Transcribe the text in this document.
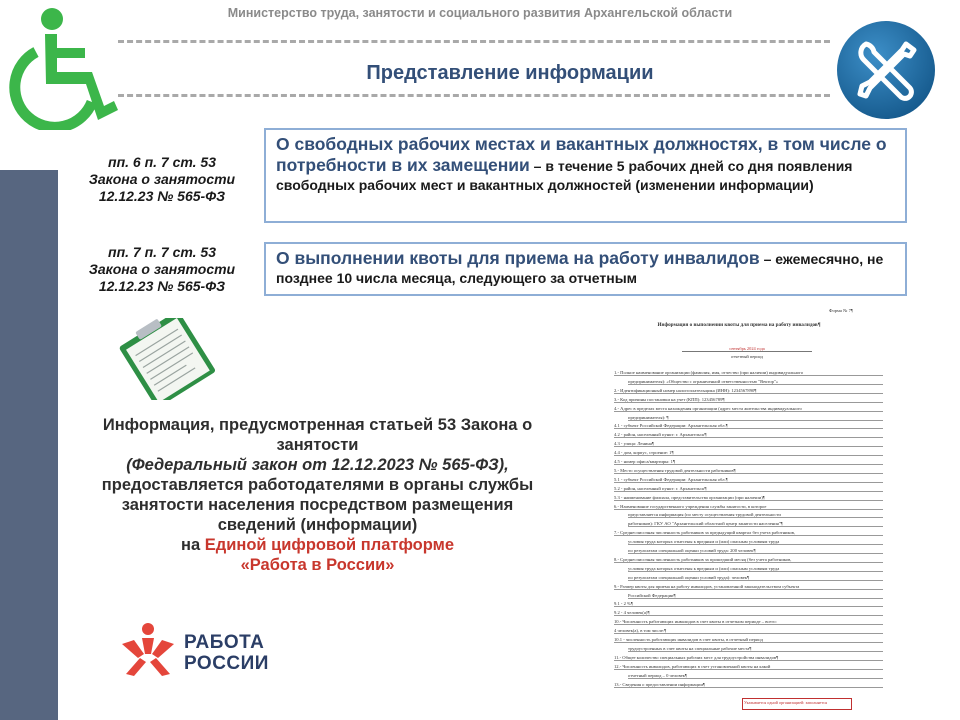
Министерство труда, занятости и социального развития Архангельской области
Представление информации
пп. 6 п. 7 ст. 53
Закона о занятости
12.12.23 № 565-ФЗ
О свободных рабочих местах и вакантных должностях, в том числе о потребности в их замещении – в течение 5 рабочих дней со дня появления свободных рабочих мест и вакантных должностей (изменении информации)
пп. 7 п. 7 ст. 53
Закона о занятости
12.12.23 № 565-ФЗ
О выполнении квоты для приема на работу инвалидов – ежемесячно, не позднее 10 числа месяца, следующего за отчетным
Информация, предусмотренная статьей 53 Закона о занятости
(Федеральный закон от 12.12.2023 № 565-ФЗ), предоставляется работодателями в органы службы занятости населения посредством размещения сведений (информации)
на Единой цифровой платформе
«Работа в России»
РАБОТА
РОССИИ
Форма № 7¶
Информация о выполнении квоты для приема на работу инвалидов¶
сентябрь 2024 года
отчетный период
1.- Полное наименование организации (фамилия, имя, отчество (при наличии) индивидуального
предпринимателя): «Общество с ограниченной ответственностью "Вектор"»
2.- Идентификационный номер налогоплательщика (ИНН): 1234567890¶
3.- Код причины постановки на учет (КПП): 123456789¶
4.- Адрес в пределах места нахождения организации (адрес места жительства индивидуального
предпринимателя): ¶
4.1 - субъект Российской Федерации: Архангельская обл.¶
4.2 - район, населенный пункт: г. Архангельск¶
4.3 - улица: Ленина¶
4.4 - дом, корпус, строение: 1¶
4.5 - номер офиса/квартиры: 1¶
5.- Место осуществления трудовой деятельности работников¶
5.1 - субъект Российской Федерации: Архангельская обл.¶
5.2 - район, населенный пункт: г. Архангельск¶
5.3 - наименование филиала, представительства организации (при наличии)¶
6.- Наименование государственного учреждения службы занятости, в которое
представляется информация (по месту осуществления трудовой деятельности
работников): ГКУ АО "Архангельский областной центр занятости населения"¶
7.- Среднесписочная численность работников за предыдущий квартал без учета работников,
условия труда которых отнесены к вредным и (или) опасным условиям труда
по результатам специальной оценки условий труда: 200 человек¶
8.- Среднесписочная численность работников за прошедший месяц (без учета работников,
условия труда которых отнесены к вредным и (или) опасным условиям труда
по результатам специальной оценки условий труда): человек¶
9.- Размер квоты для приема на работу инвалидов, установленной законодательством субъекта
Российской Федерации¶
9.1 - 2 %¶
9.2 - 4 человек(а)¶
10.- Численность работающих инвалидов в счет квоты в отчетном периоде – всего:
4 человек(а), в том числе:¶
10.1 - численность работающих инвалидов в счет квоты, в отчетный период
трудоустроенных в счет квоты на специальные рабочие места¶
11.- Общее количество специальных рабочих мест для трудоустройства инвалидов¶
12.- Численность инвалидов, работающих в счет установленной квоты на какой
отчетный период – 0 человек¶
13.- Сведения о предоставлении информации¶
Указывается одной организацией: заполняется
